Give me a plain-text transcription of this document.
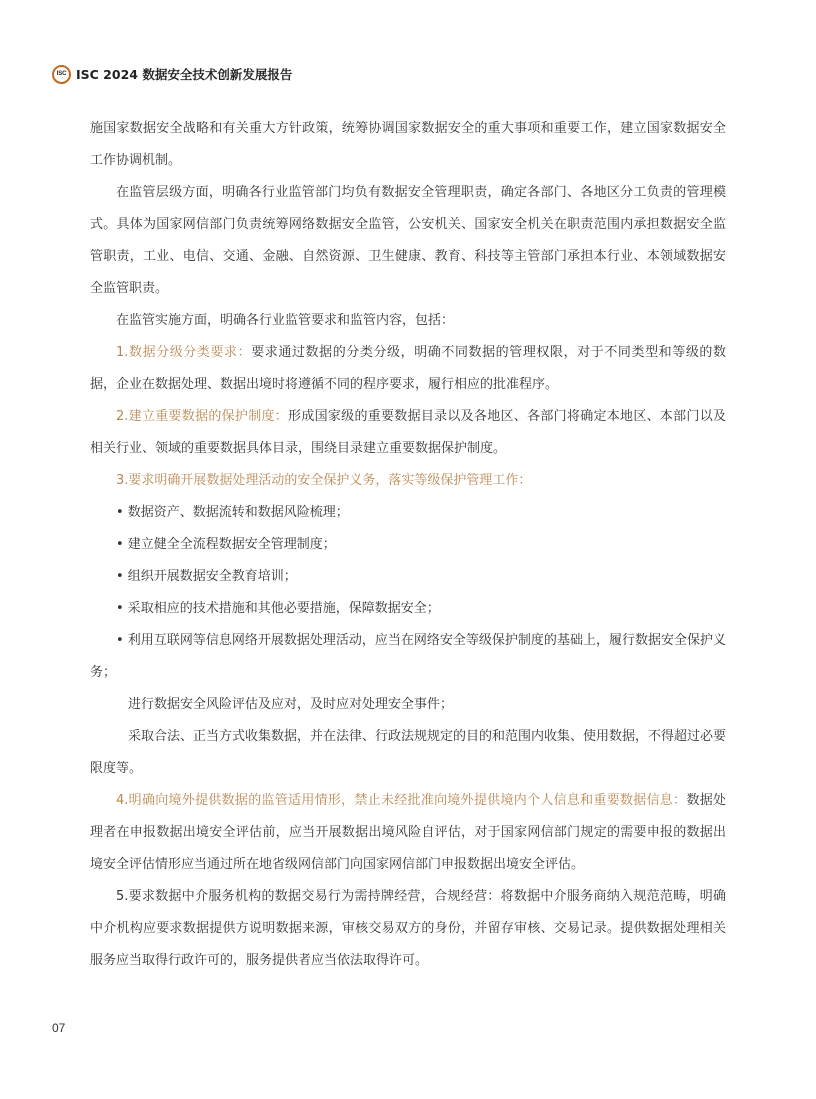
ISC ISC 2024 数据安全技术创新发展报告

施国家数据安全战略和有关重大方针政策，统筹协调国家数据安全的重大事项和重要工作，建立国家数据安全工作协调机制。

在监管层级方面，明确各行业监管部门均负有数据安全管理职责，确定各部门、各地区分工负责的管理模式。具体为国家网信部门负责统筹网络数据安全监管，公安机关、国家安全机关在职责范围内承担数据安全监管职责，工业、电信、交通、金融、自然资源、卫生健康、教育、科技等主管部门承担本行业、本领域数据安全监管职责。

在监管实施方面，明确各行业监管要求和监管内容，包括：

1.数据分级分类要求：要求通过数据的分类分级，明确不同数据的管理权限，对于不同类型和等级的数据，企业在数据处理、数据出境时将遵循不同的程序要求，履行相应的批准程序。

2.建立重要数据的保护制度：形成国家级的重要数据目录以及各地区、各部门将确定本地区、本部门以及相关行业、领域的重要数据具体目录，围绕目录建立重要数据保护制度。

3.要求明确开展数据处理活动的安全保护义务，落实等级保护管理工作：

• 数据资产、数据流转和数据风险梳理；

• 建立健全全流程数据安全管理制度；

• 组织开展数据安全教育培训；

• 采取相应的技术措施和其他必要措施，保障数据安全；

• 利用互联网等信息网络开展数据处理活动，应当在网络安全等级保护制度的基础上，履行数据安全保护义务；

进行数据安全风险评估及应对，及时应对处理安全事件；

采取合法、正当方式收集数据，并在法律、行政法规规定的目的和范围内收集、使用数据，不得超过必要限度等。

4.明确向境外提供数据的监管适用情形，禁止未经批准向境外提供境内个人信息和重要数据信息：数据处理者在申报数据出境安全评估前，应当开展数据出境风险自评估，对于国家网信部门规定的需要申报的数据出境安全评估情形应当通过所在地省级网信部门向国家网信部门申报数据出境安全评估。

5.要求数据中介服务机构的数据交易行为需持牌经营，合规经营：将数据中介服务商纳入规范范畴，明确中介机构应要求数据提供方说明数据来源，审核交易双方的身份，并留存审核、交易记录。提供数据处理相关服务应当取得行政许可的，服务提供者应当依法取得许可。

07
